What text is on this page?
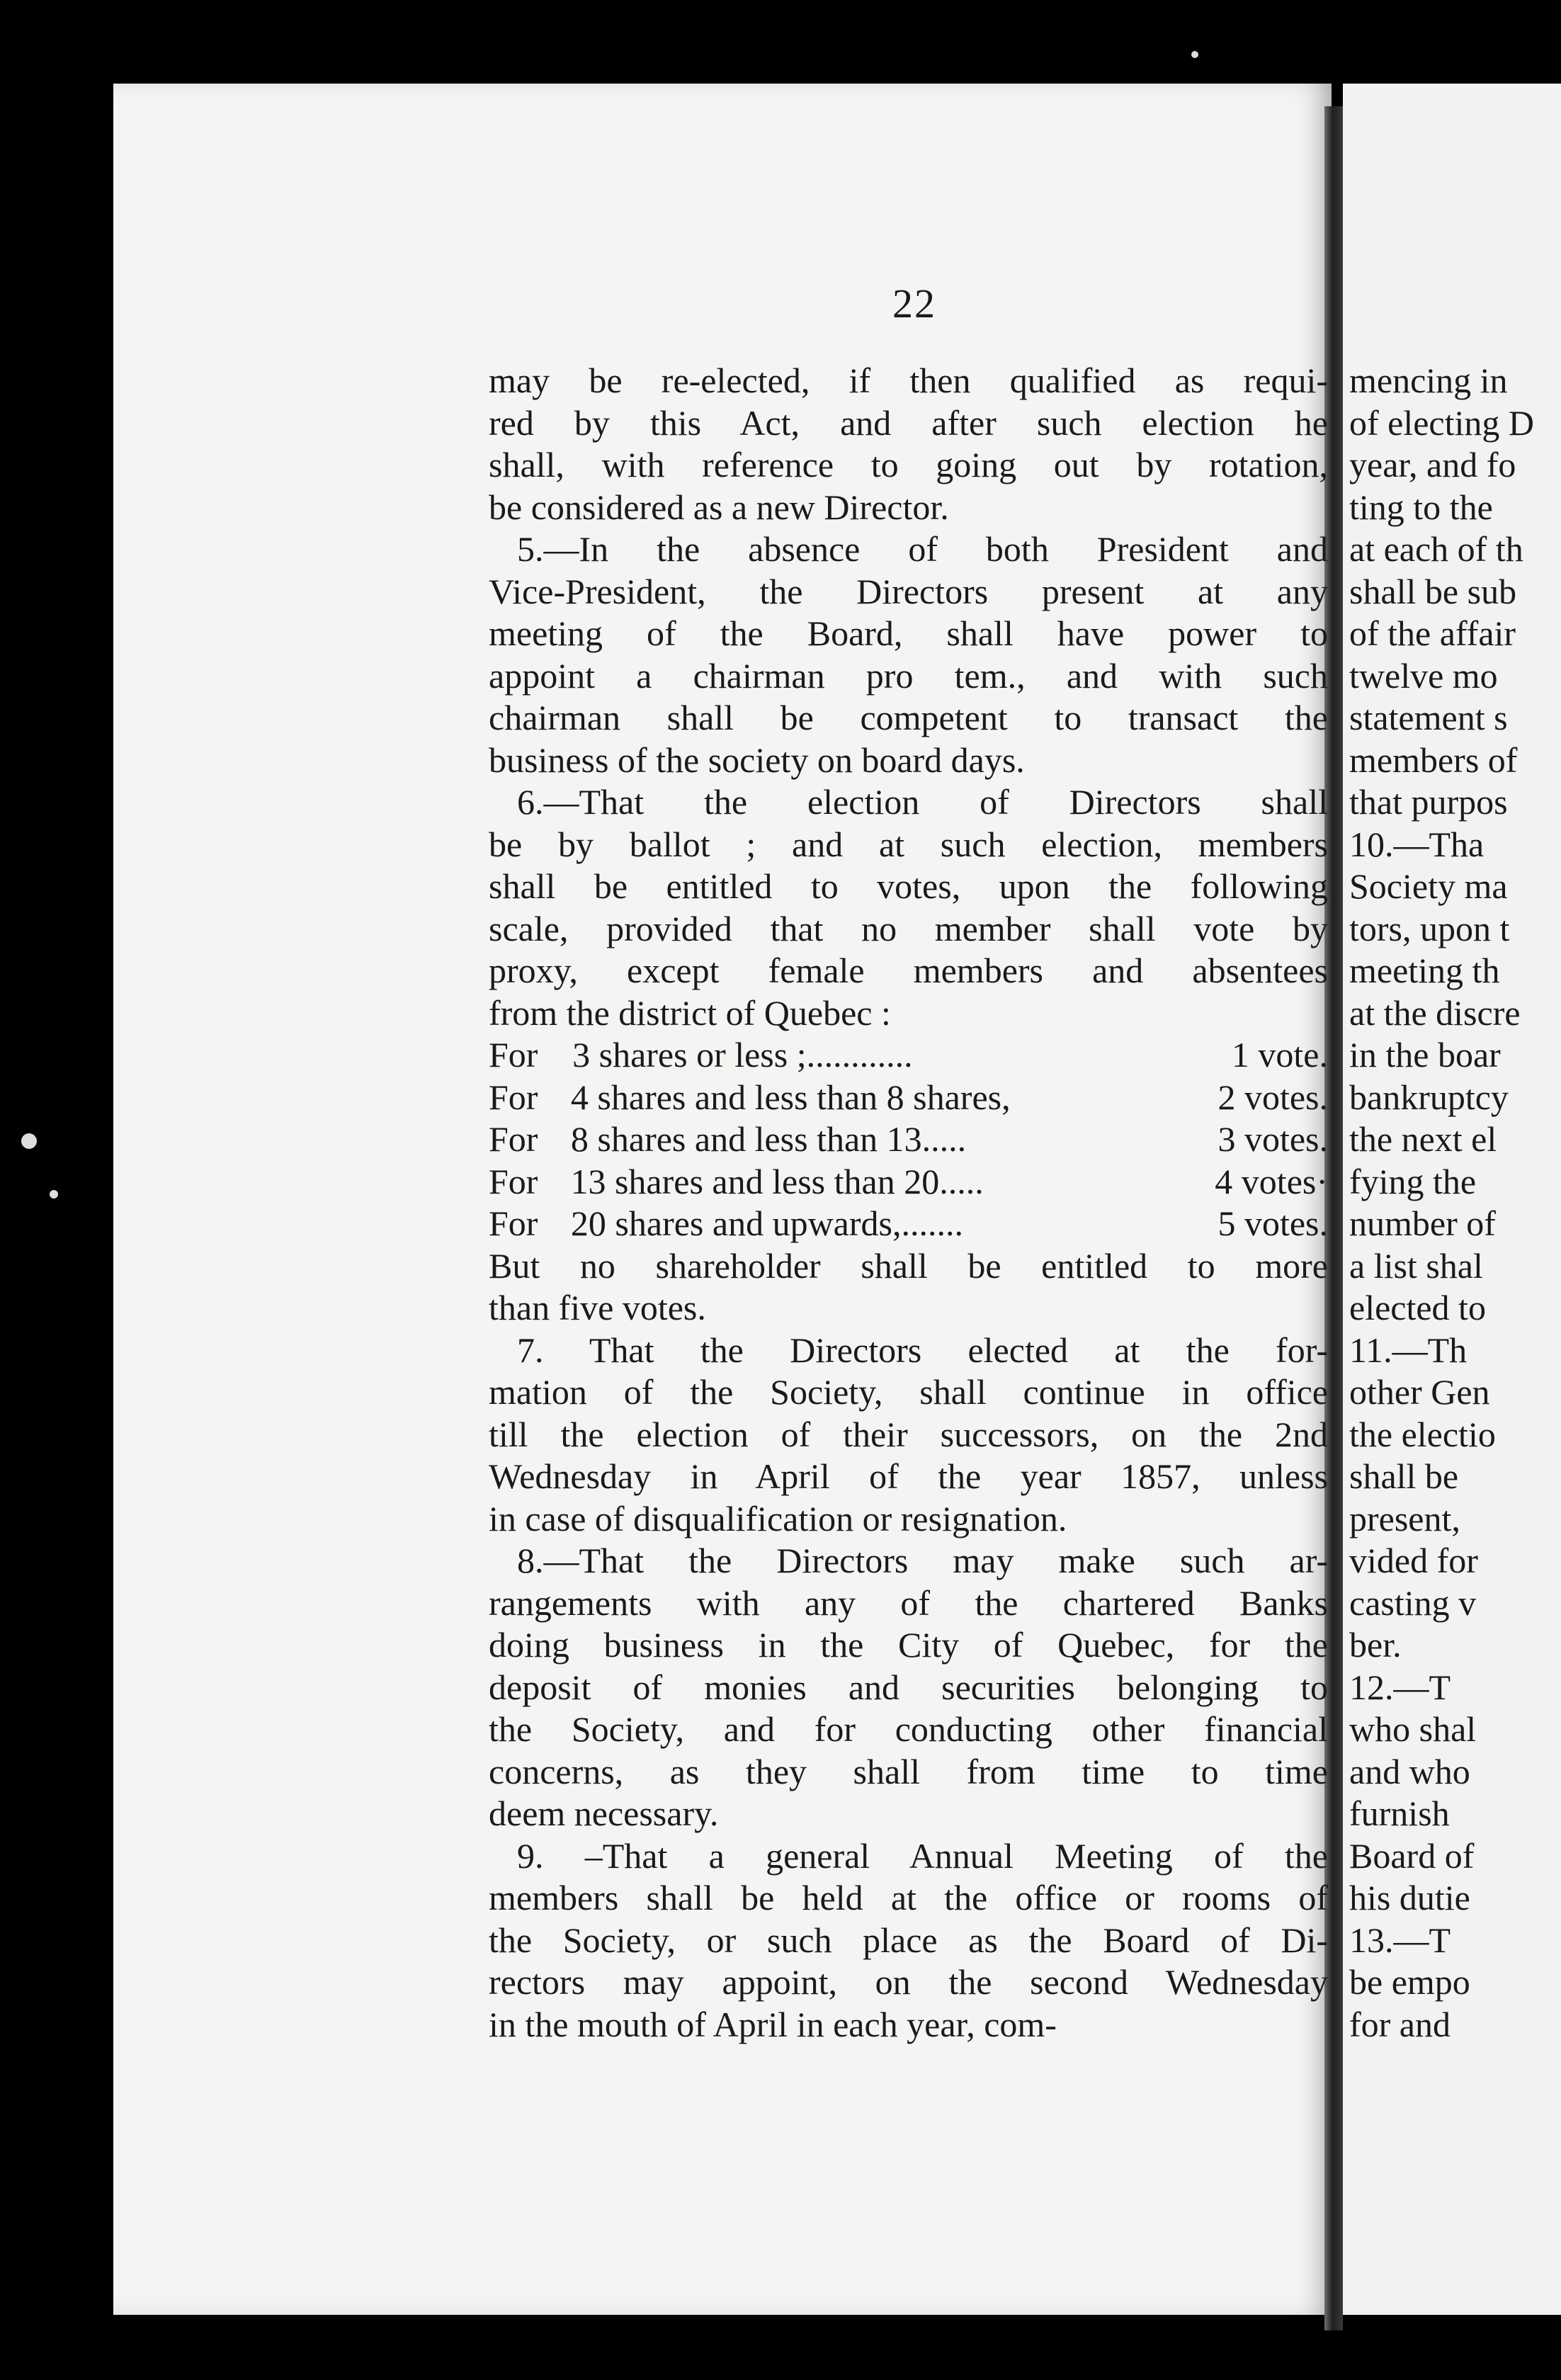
22
may be re-elected, if then qualified as requi-
red by this Act, and after such election he
shall, with reference to going out by rotation,
be considered as a new Director.
5.—In the absence of both President and
Vice-President, the Directors present at any
meeting of the Board, shall have power to
appoint a chairman pro tem., and with such
chairman shall be competent to transact the
business of the society on board days.
6.—That the election of Directors shall
be by ballot ; and at such election, members
shall be entitled to votes, upon the following
scale, provided that no member shall vote by
proxy, except female members and absentees
from the district of Quebec :
For 3 shares or less ;............	1 vote.
For 4 shares and less than 8 shares,	2 votes.
For 8 shares and less than 13.....	3 votes.
For 13 shares and less than 20.....	4 votes·
For 20 shares and upwards,.......	5 votes.
But no shareholder shall be entitled to more
than five votes.
7. That the Directors elected at the for-
mation of the Society, shall continue in office
till the election of their successors, on the 2nd
Wednesday in April of the year 1857, unless
in case of disqualification or resignation.
8.—That the Directors may make such ar-
rangements with any of the chartered Banks
doing business in the City of Quebec, for the
deposit of monies and securities belonging to
the Society, and for conducting other financial
concerns, as they shall from time to time
deem necessary.
9. –That a general Annual Meeting of the
members shall be held at the office or rooms of
the Society, or such place as the Board of Di-
rectors may appoint, on the second Wednesday
in the mouth of April in each year, com-
mencing in
of electing D
year, and fo
ting to the
at each of th
shall be sub
of the affair
twelve mo
statement s
members of
that purpos
10.—Tha
Society ma
tors, upon t
meeting th
at the discre
in the boar
bankruptcy
the next el
fying the
number of
a list shal
elected to
11.—Th
other Gen
the electio
shall be
present,
vided for
casting v
ber.
12.—T
who shal
and who
furnish
Board of
his dutie
13.—T
be empo
for and
